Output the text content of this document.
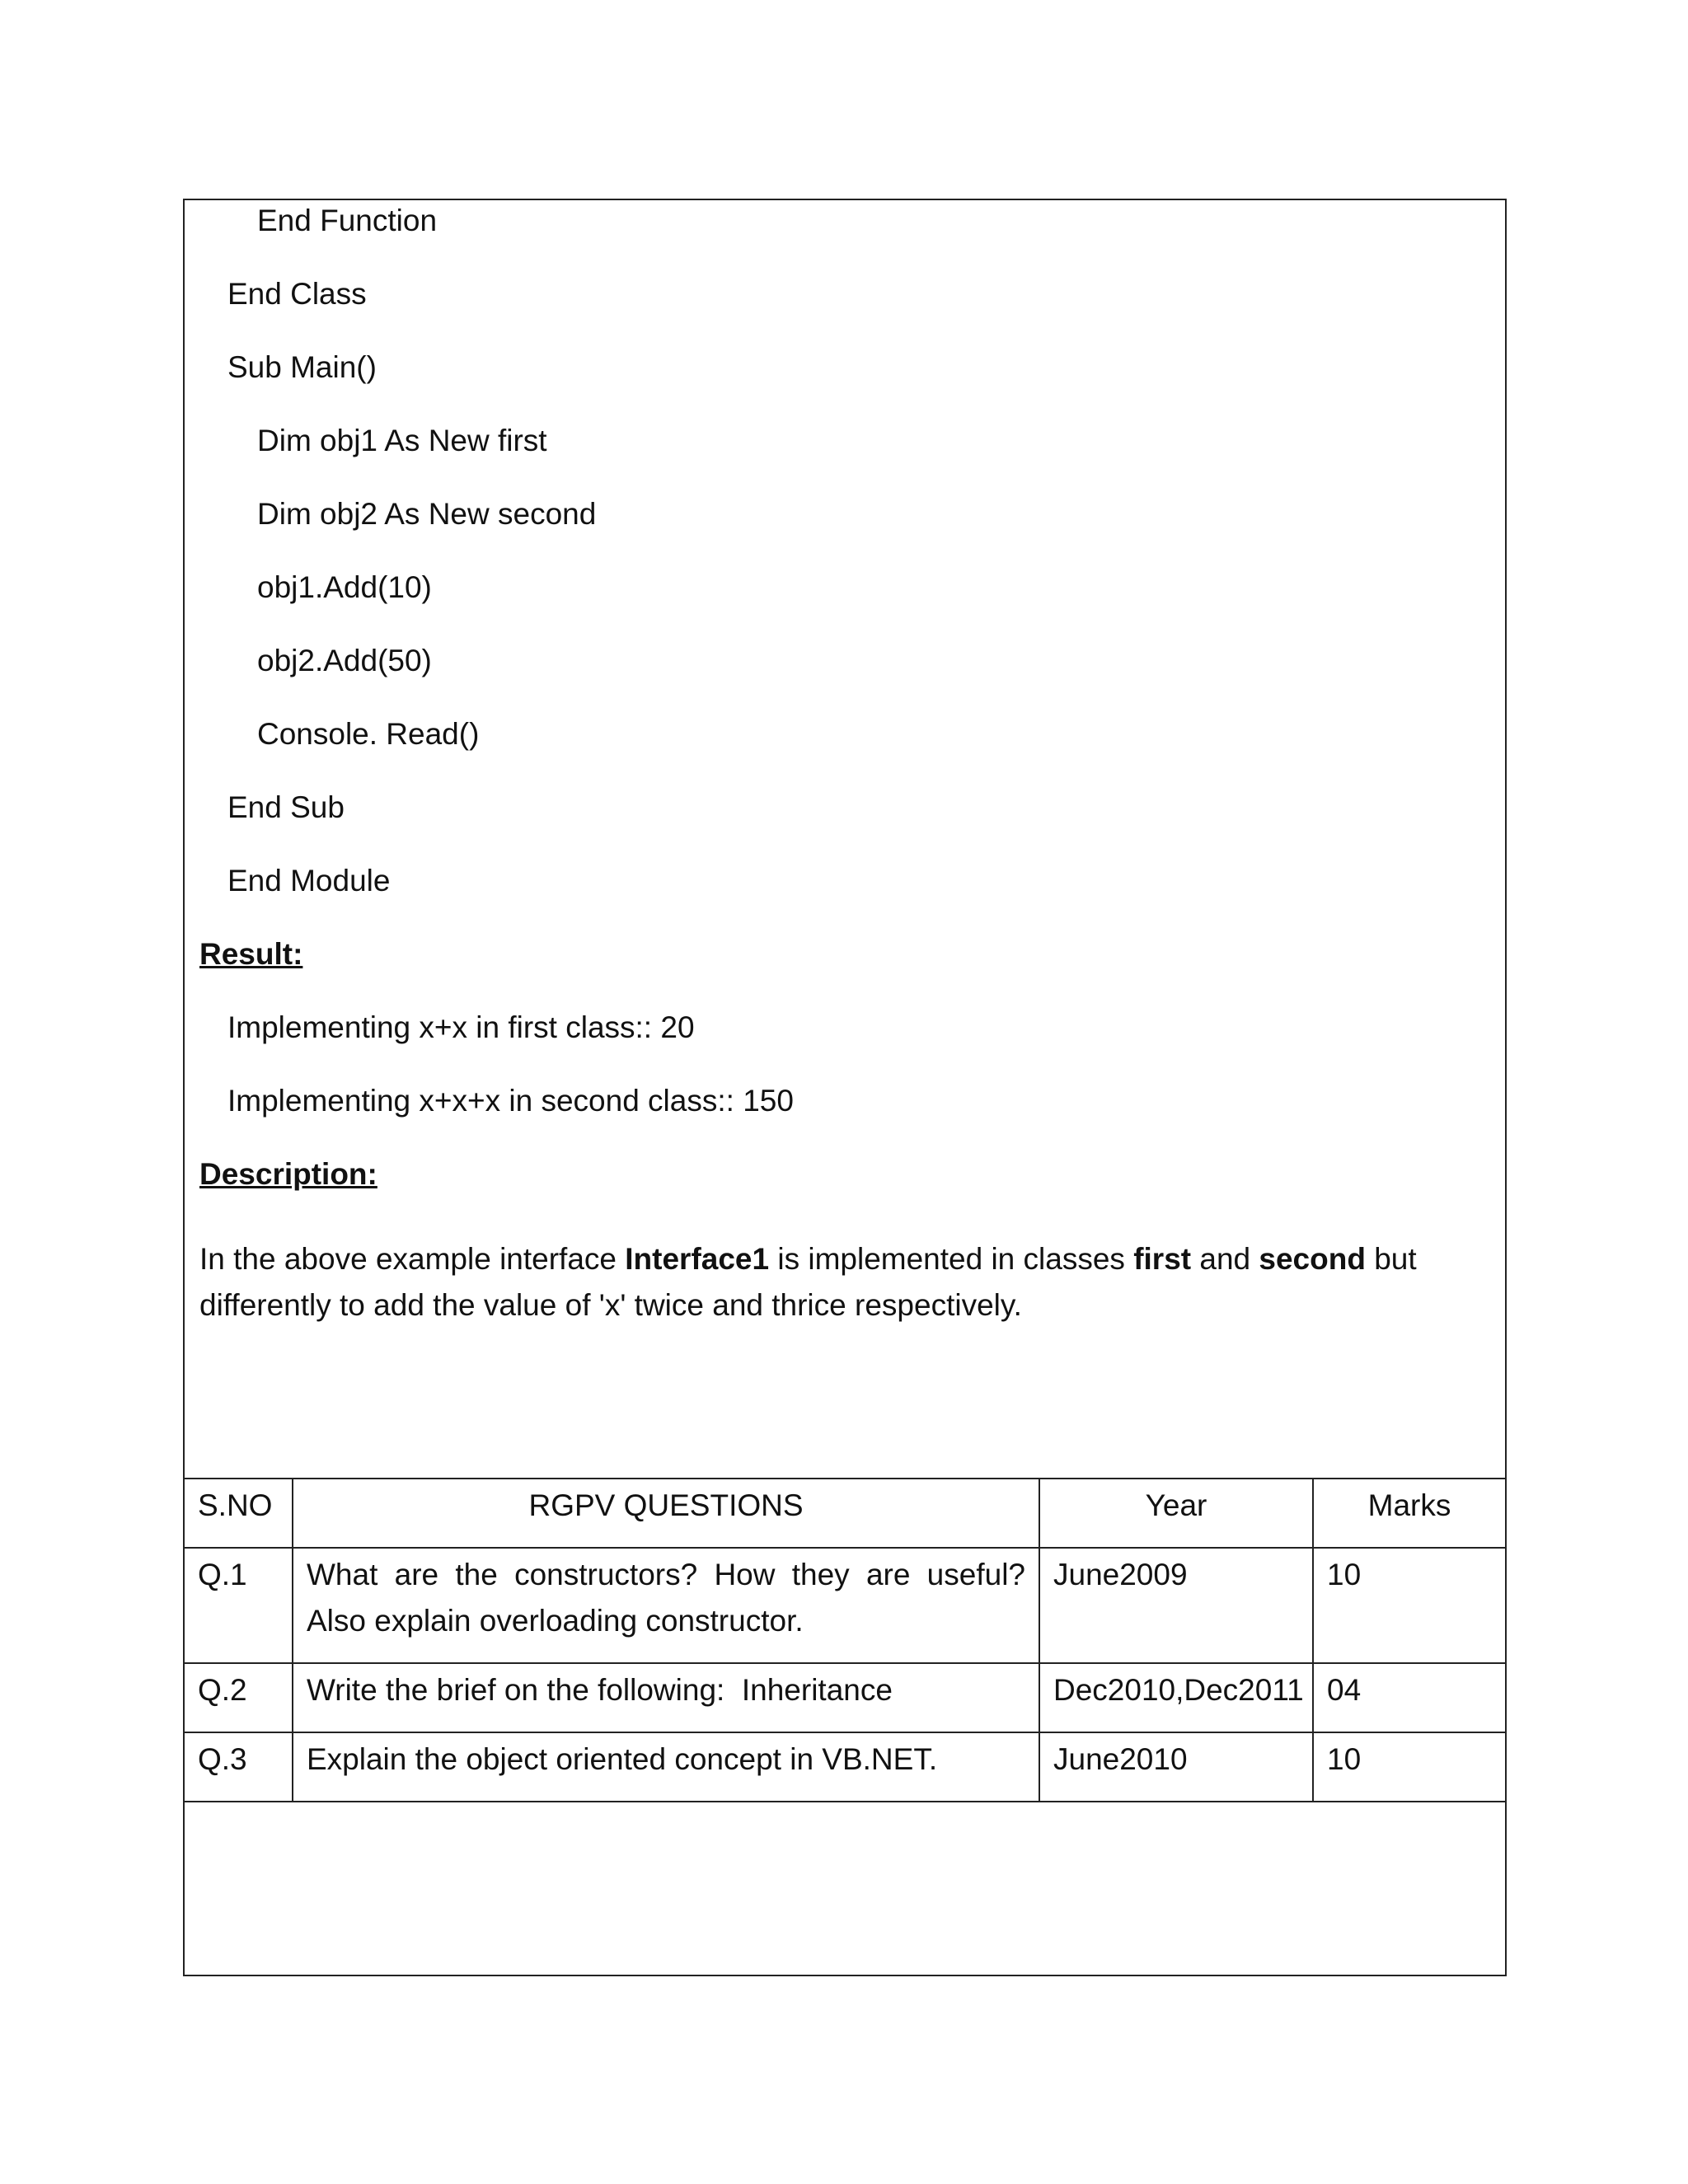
End Function
End Class
Sub Main()
Dim obj1 As New first
Dim obj2 As New second
obj1.Add(10)
obj2.Add(50)
Console. Read()
End Sub
End Module
Result:
Implementing x+x in first class:: 20
Implementing x+x+x in second class:: 150
Description:
In the above example interface Interface1 is implemented in classes first and second but differently to add the value of 'x' twice and thrice respectively.
S.NO	RGPV QUESTIONS	Year	Marks
Q.1	What are the constructors? How they are useful? Also explain overloading constructor.	June2009	10
Q.2	Write the brief on the following:  Inheritance	Dec2010,Dec2011	04
Q.3	Explain the object oriented concept in VB.NET.	June2010	10
